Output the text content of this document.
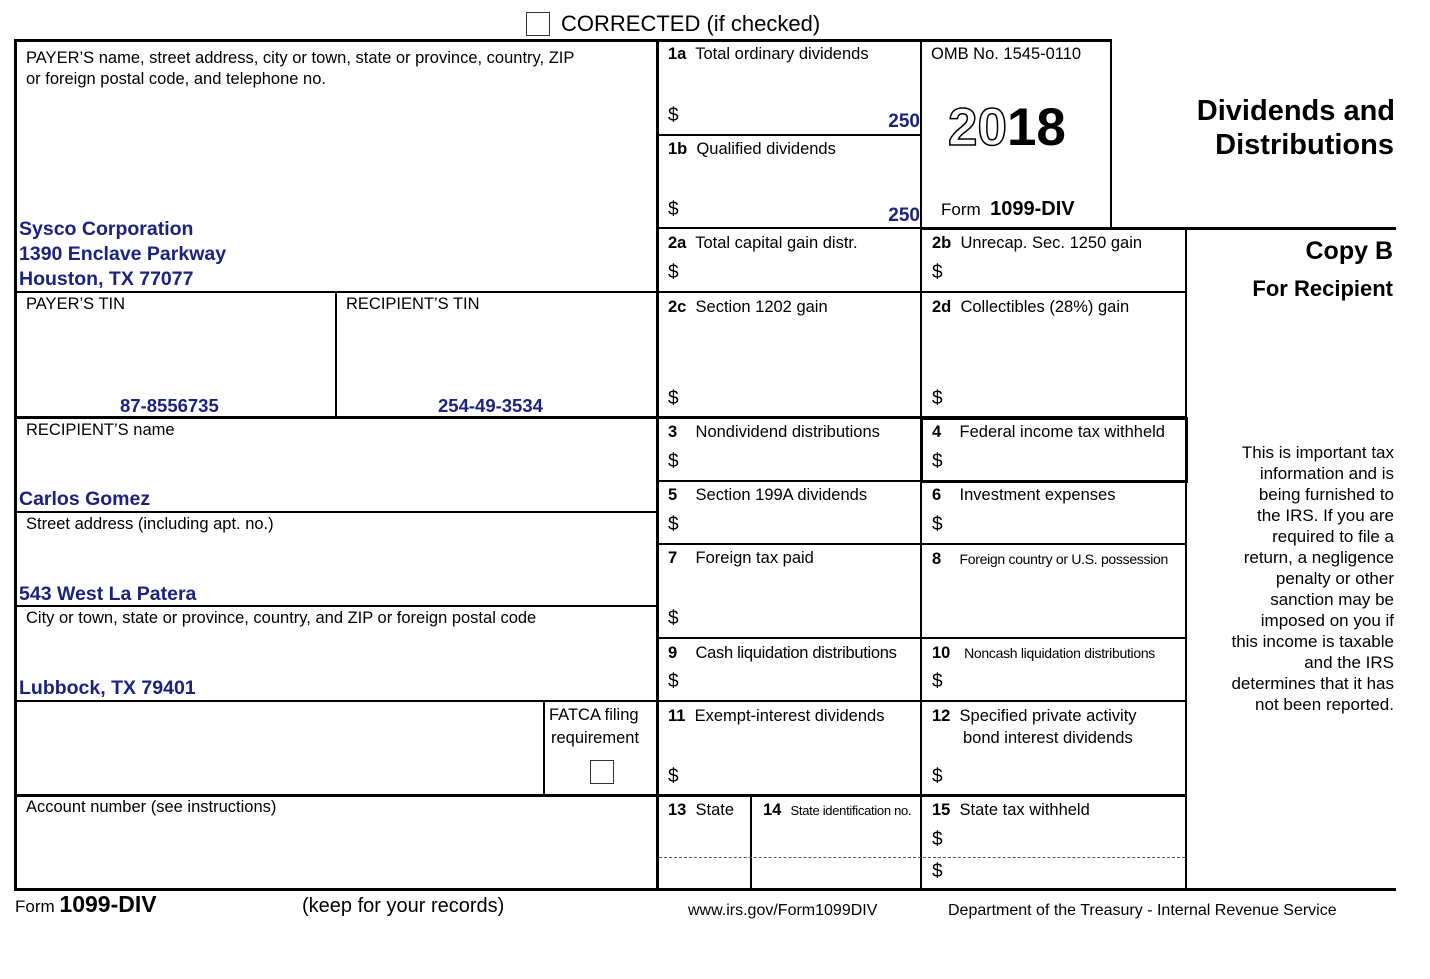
CORRECTED (if checked)
PAYER’S name, street address, city or town, state or province, country, ZIP
or foreign postal code, and telephone no.
Sysco Corporation
1390 Enclave Parkway
Houston, TX 77077
PAYER’S TIN
87-8556735
RECIPIENT’S TIN
254-49-3534
RECIPIENT’S name
Carlos Gomez
Street address (including apt. no.)
543 West La Patera
City or town, state or province, country, and ZIP or foreign postal code
Lubbock, TX 79401
FATCA filing
requirement
Account number (see instructions)
1a Total ordinary dividends
$	250
1b Qualified dividends
$	250
OMB No. 1545-0110
2018
Form 1099-DIV
Dividends and
Distributions
2a Total capital gain distr.
$
2b Unrecap. Sec. 1250 gain
$
Copy B
For Recipient
2c Section 1202 gain
$
2d Collectibles (28%) gain
$
3 Nondividend distributions
$
4 Federal income tax withheld
$	This is important tax
information and is
being furnished to
the IRS. If you are
required to file a
return, a negligence
penalty or other
sanction may be
imposed on you if
this income is taxable
and the IRS
determines that it has
not been reported.
5 Section 199A dividends
$
6 Investment expenses
$
7 Foreign tax paid
$
8 Foreign country or U.S. possession
9 Cash liquidation distributions
$
10 Noncash liquidation distributions
$
11 Exempt-interest dividends
$
12 Specified private activity
bond interest dividends
$
13 State 14 State identification no. 15 State tax withheld
$
$
Form 1099-DIV	(keep for your records)	www.irs.gov/Form1099DIV	Department of the Treasury - Internal Revenue Service
